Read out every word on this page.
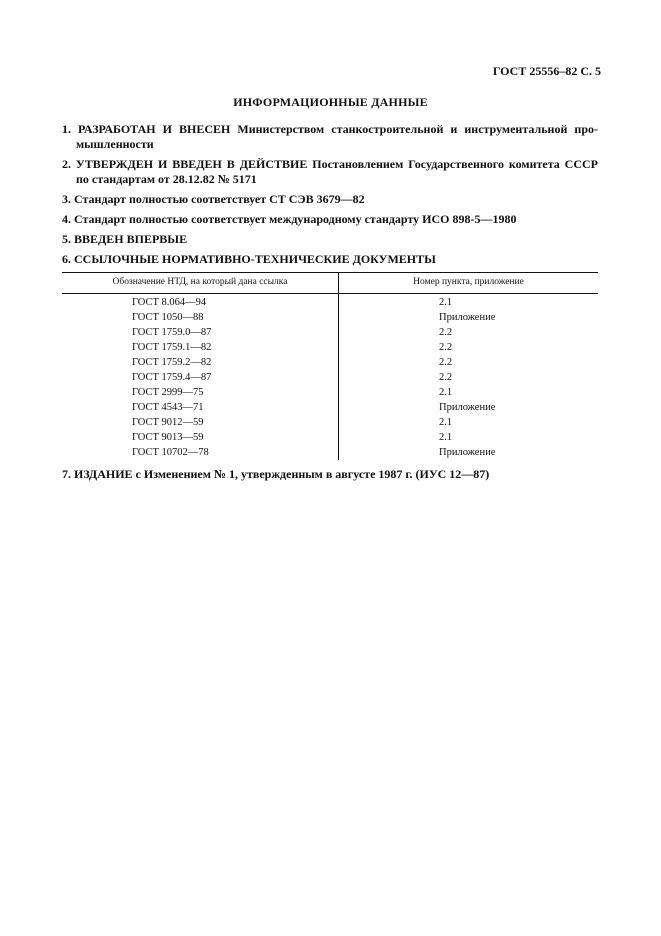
ГОСТ 25556–82 С. 5
ИНФОРМАЦИОННЫЕ ДАННЫЕ
1. РАЗРАБОТАН И ВНЕСЕН Министерством станкостроительной и инструментальной про-
мышленности
2. УТВЕРЖДЕН И ВВЕДЕН В ДЕЙСТВИЕ Постановлением Государственного комитета СССР
по стандартам от 28.12.82 № 5171
3. Стандарт полностью соответствует СТ СЭВ 3679—82
4. Стандарт полностью соответствует международному стандарту ИСО 898-5—1980
5. ВВЕДЕН ВПЕРВЫЕ
6. ССЫЛОЧНЫЕ НОРМАТИВНО-ТЕХНИЧЕСКИЕ ДОКУМЕНТЫ
Обозначение НТД, на который дана ссылка	Номер пункта, приложение
ГОСТ 8.064—94	2.1
ГОСТ 1050—88	Приложение
ГОСТ 1759.0—87	2.2
ГОСТ 1759.1—82	2.2
ГОСТ 1759.2—82	2.2
ГОСТ 1759.4—87	2.2
ГОСТ 2999—75	2.1
ГОСТ 4543—71	Приложение
ГОСТ 9012—59	2.1
ГОСТ 9013—59	2.1
ГОСТ 10702—78	Приложение
7. ИЗДАНИЕ с Изменением № 1, утвержденным в августе 1987 г. (ИУС 12—87)
